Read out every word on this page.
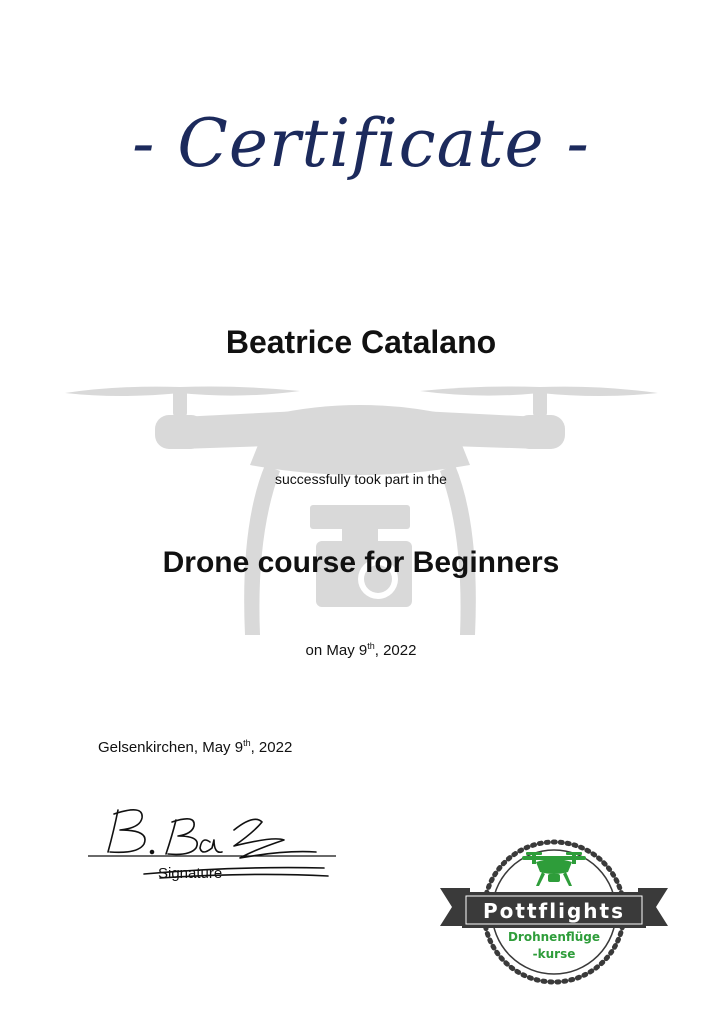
- Certificate -
Beatrice Catalano
successfully took part in the
Drone course for Beginners
on May 9th, 2022
Gelsenkirchen, May 9th, 2022
Signature
Pottflights
Drohnenflüge
-kurse
